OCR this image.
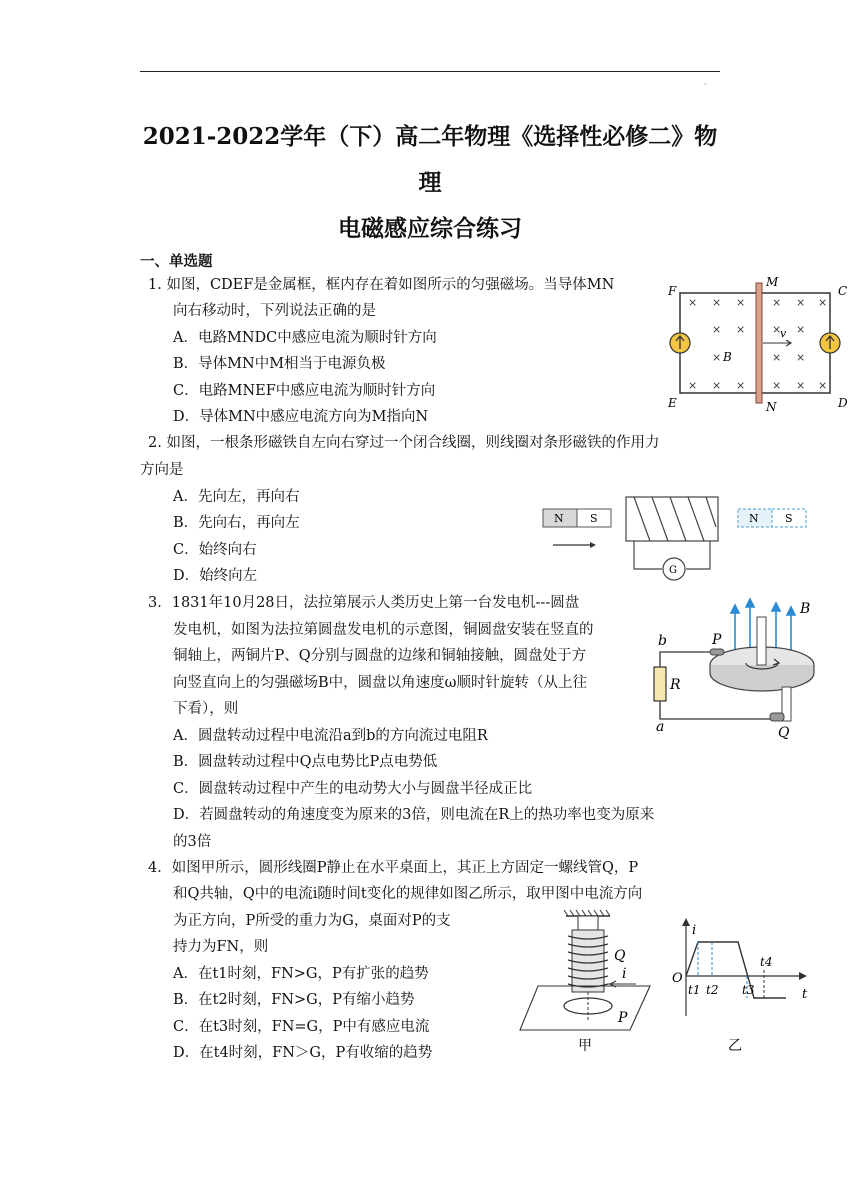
·
2021-2022学年（下）高二年物理《选择性必修二》物
理
电磁感应综合练习
一、单选题
1. 如图，CDEF是金属框，框内存在着如图所示的匀强磁场。当导体MN
向右移动时，下列说法正确的是
A．电路MNDC中感应电流为顺时针方向
B．导体MN中M相当于电源负极
C．电路MNEF中感应电流为顺时针方向
D．导体MN中感应电流方向为M指向N
× × × × × ×
× × × ×
×	× ×
× × × × × ×
F
M
C
E	N	D
B
v
2. 如图，一根条形磁铁自左向右穿过一个闭合线圈，则线圈对条形磁铁的作用力
方向是
A．先向左，再向右
B．先向右，再向左
C．始终向右
D．始终向左
N S
G
N S
3．1831年10月28日，法拉第展示人类历史上第一台发电机---圆盘
发电机，如图为法拉第圆盘发电机的示意图，铜圆盘安装在竖直的
铜轴上，两铜片P、Q分别与圆盘的边缘和铜轴接触，圆盘处于方
向竖直向上的匀强磁场B中，圆盘以角速度ω顺时针旋转（从上往
下看），则
A．圆盘转动过程中电流沿a到b的方向流过电阻R
B．圆盘转动过程中Q点电势比P点电势低
C．圆盘转动过程中产生的电动势大小与圆盘半径成正比
D．若圆盘转动的角速度变为原来的3倍，则电流在R上的热功率也变为原来
的3倍
b
a
P
Q
R
B
4．如图甲所示，圆形线圈P静止在水平桌面上，其正上方固定一螺线管Q，P
和Q共轴，Q中的电流i随时间t变化的规律如图乙所示，取甲图中电流方向
为正方向，P所受的重力为G，桌面对P的支
持力为FN，则
A．在t1时刻，FN>G，P有扩张的趋势
B．在t2时刻，FN>G，P有缩小趋势
C．在t3时刻，FN=G，P中有感应电流
D．在t4时刻，FN＞G，P有收缩的趋势
Q
i
P
甲
i
t
O
t1 t2 t3
t4
乙
